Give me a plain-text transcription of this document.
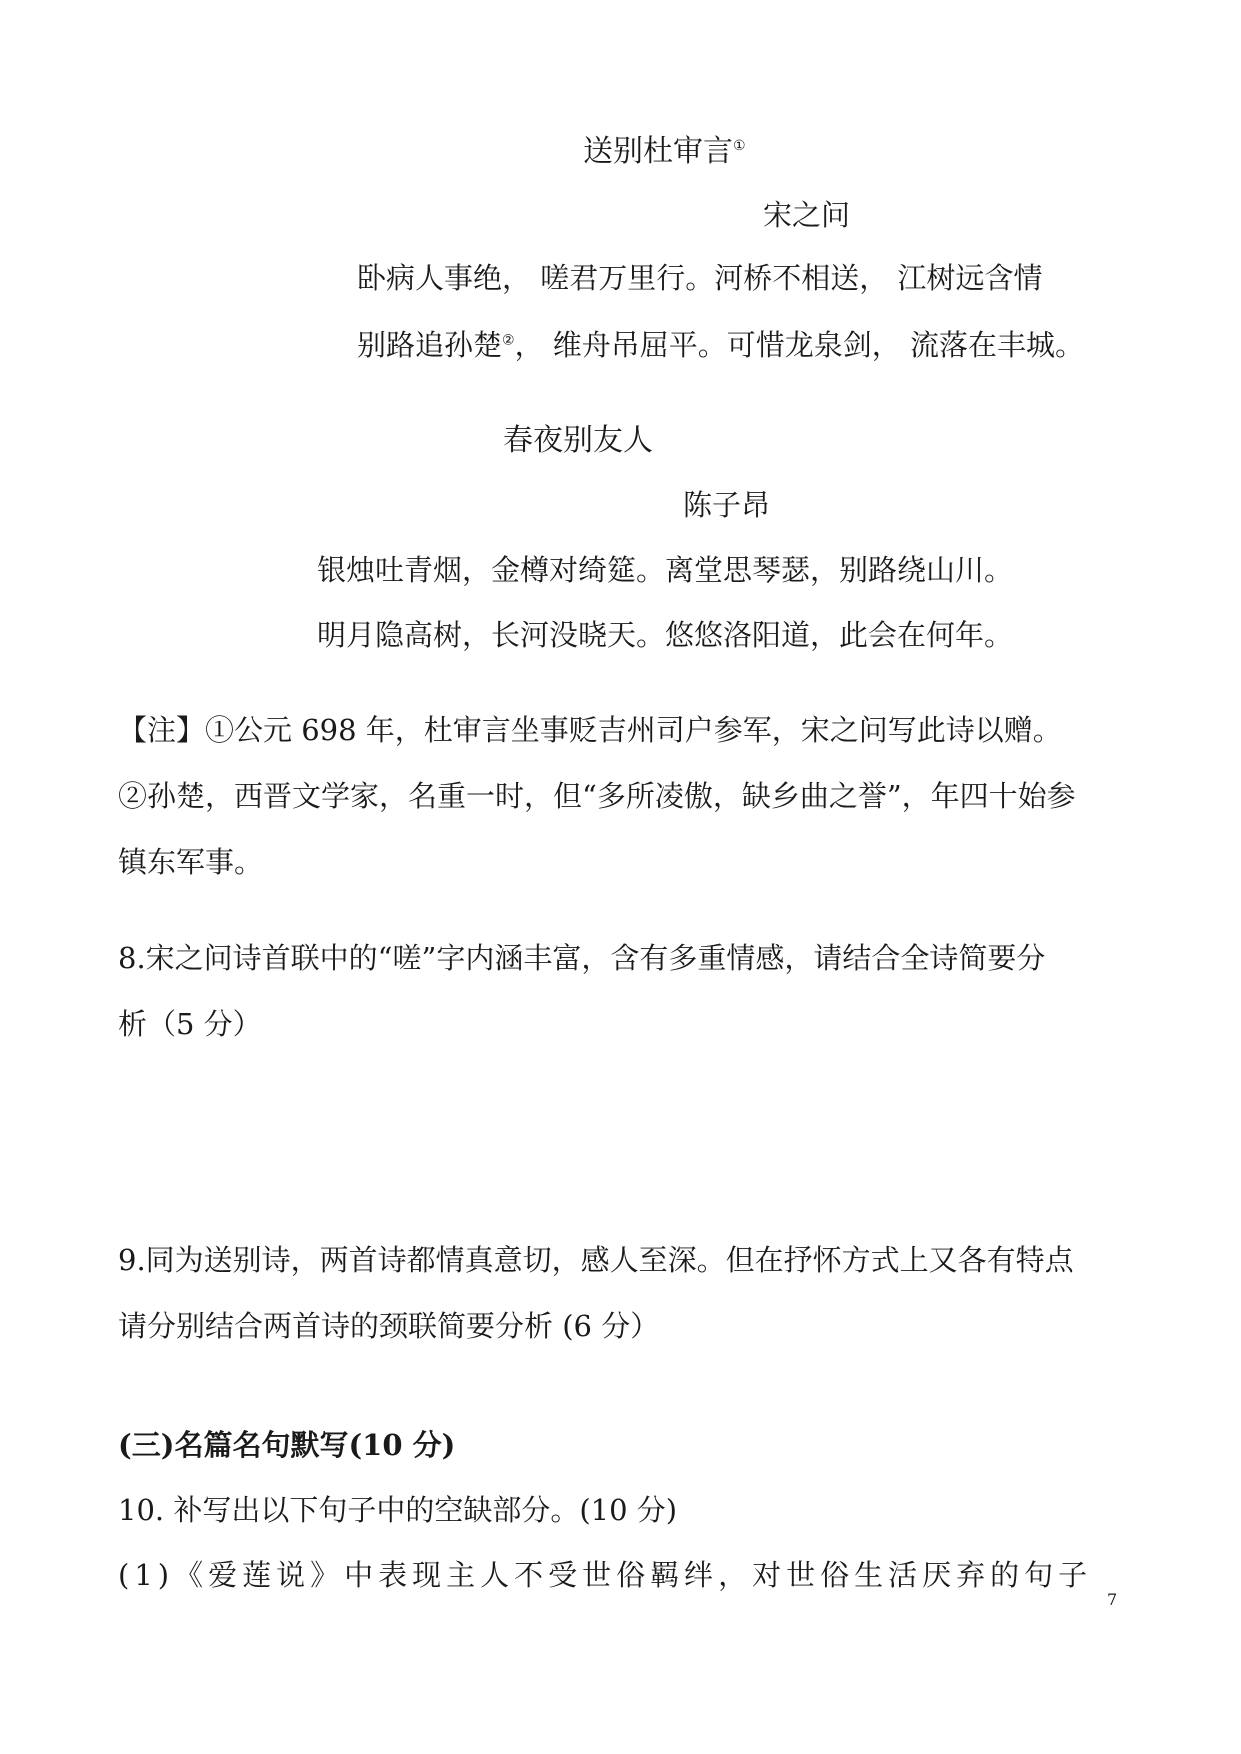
送别杜审言①
宋之问
卧病人事绝， 嗟君万里行。河桥不相送， 江树远含情
别路追孙楚②， 维舟吊屈平。可惜龙泉剑， 流落在丰城。
春夜别友人
陈子昂
银烛吐青烟，金樽对绮筵。离堂思琴瑟，别路绕山川。
明月隐高树，长河没晓天。悠悠洛阳道，此会在何年。
【注】①公元 698 年，杜审言坐事贬吉州司户参军，宋之问写此诗以赠。
②孙楚，西晋文学家，名重一时，但“多所凌傲，缺乡曲之誉”，年四十始参
镇东军事。
8.宋之问诗首联中的“嗟”字内涵丰富，含有多重情感，请结合全诗简要分
析（5 分）
9.同为送别诗，两首诗都情真意切，感人至深。但在抒怀方式上又各有特点
请分别结合两首诗的颈联简要分析 (6 分）
(三)名篇名句默写(10 分)
10. 补写出以下句子中的空缺部分。(10 分)
(1)《爱莲说》中表现主人不受世俗羁绊，对世俗生活厌弃的句子
7
